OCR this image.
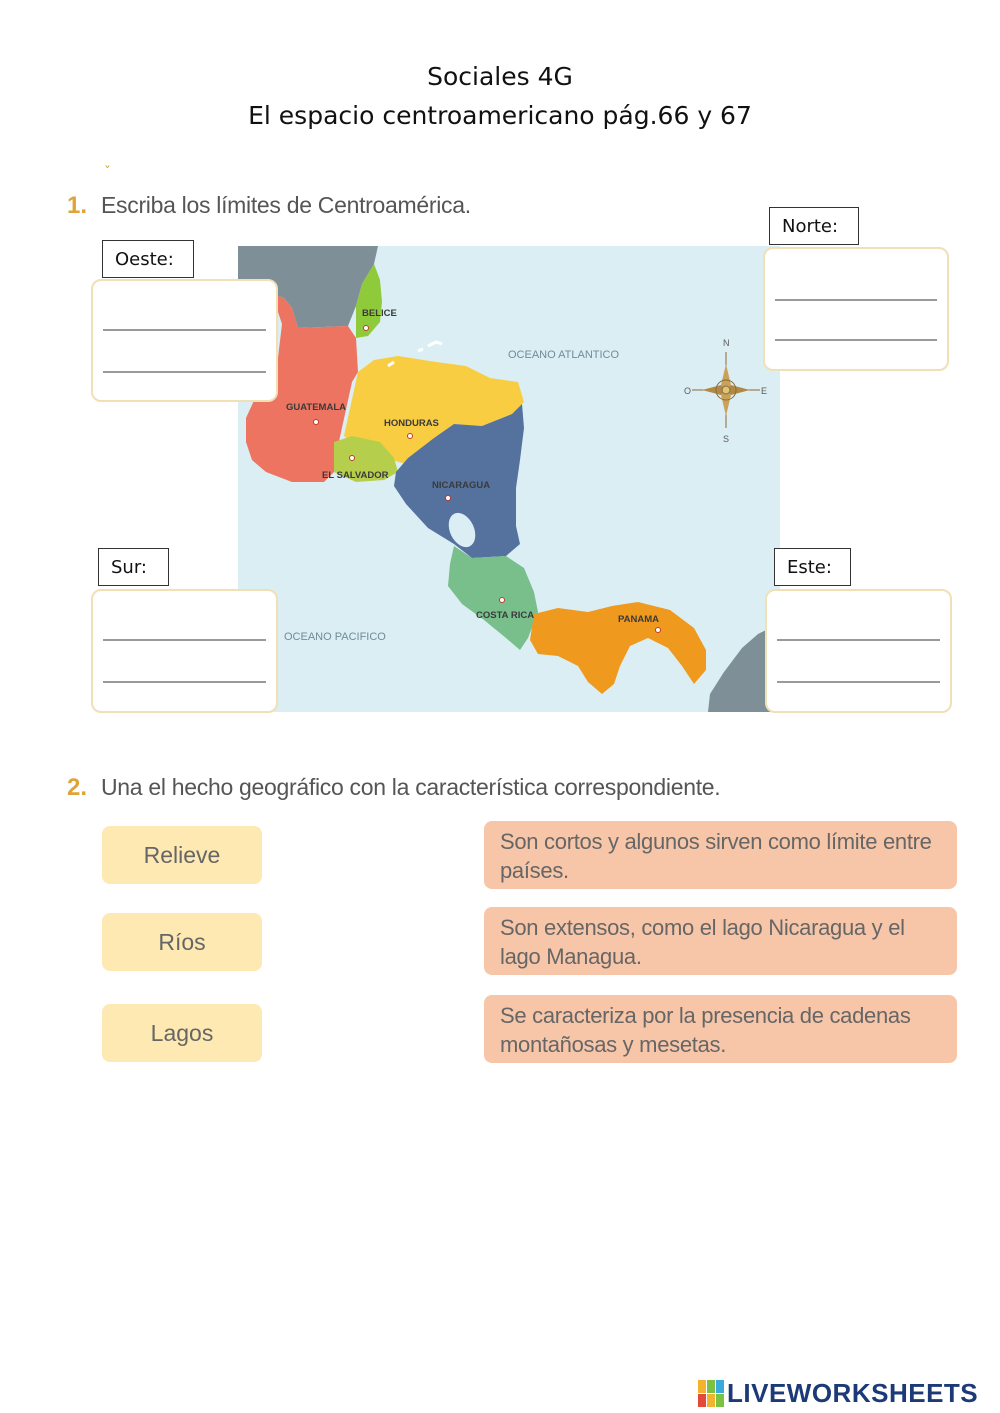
Sociales 4G
El espacio centroamericano pág.66 y 67
ˇ
1. Escriba los límites de Centroamérica.
BELICE
GUATEMALA
HONDURAS
EL SALVADOR
NICARAGUA
COSTA RICA	PANAMA
OCEANO ATLANTICO
OCEANO PACIFICO
N
S
O	E
Norte:
Oeste:
Sur:	Este:
2. Una el hecho geográfico con la característica correspondiente.
Relieve
Ríos
Lagos
Son cortos y algunos sirven como límite entre países.
Son extensos, como el lago Nicaragua y el lago Managua.
Se caracteriza por la presencia de cadenas montañosas y mesetas.
LIVEWORKSHEETS
